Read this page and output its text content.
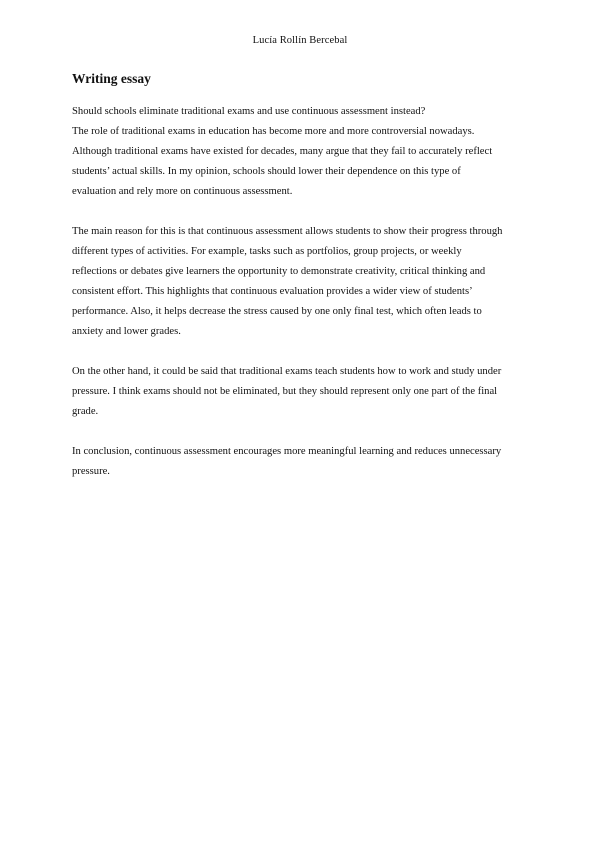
Lucía Rollín Bercebal
Writing essay
Should schools eliminate traditional exams and use continuous assessment instead?
The role of traditional exams in education has become more and more controversial nowadays.
Although traditional exams have existed for decades, many argue that they fail to accurately reflect
students’ actual skills. In my opinion, schools should lower their dependence on this type of
evaluation and rely more on continuous assessment.
The main reason for this is that continuous assessment allows students to show their progress through
different types of activities. For example, tasks such as portfolios, group projects, or weekly
reflections or debates give learners the opportunity to demonstrate creativity, critical thinking and
consistent effort. This highlights that continuous evaluation provides a wider view of students’
performance. Also, it helps decrease the stress caused by one only final test, which often leads to
anxiety and lower grades.
On the other hand, it could be said that traditional exams teach students how to work and study under
pressure. I think exams should not be eliminated, but they should represent only one part of the final
grade.
In conclusion, continuous assessment encourages more meaningful learning and reduces unnecessary
pressure.
